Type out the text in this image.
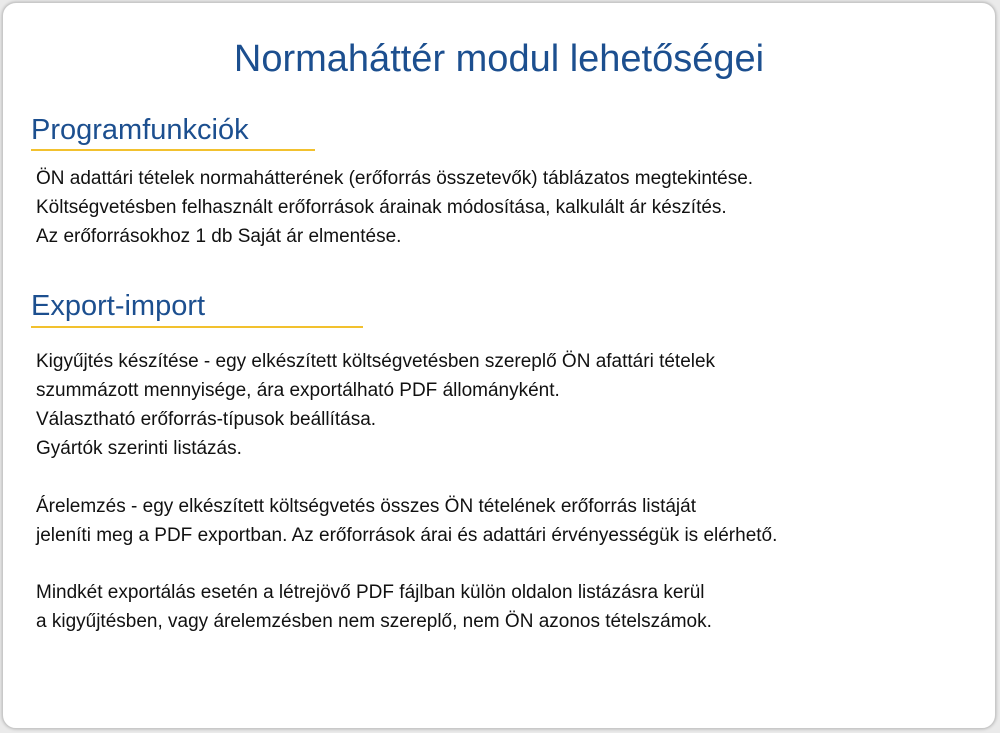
Normaháttér modul lehetőségei
Programfunkciók

ÖN adattári tételek normahátterének (erőforrás összetevők) táblázatos megtekintése.
Költségvetésben felhasznált erőforrások árainak módosítása, kalkulált ár készítés.
Az erőforrásokhoz 1 db Saját ár elmentése.

Export-import

Kigyűjtés készítése - egy elkészített költségvetésben szereplő ÖN afattári tételek
szummázott mennyisége, ára exportálható PDF állományként.
Választható erőforrás-típusok beállítása.
Gyártók szerinti listázás.

Árelemzés - egy elkészített költségvetés összes ÖN tételének erőforrás listáját
jeleníti meg a PDF exportban. Az erőforrások árai és adattári érvényességük is elérhető.

Mindkét exportálás esetén a létrejövő PDF fájlban külön oldalon listázásra kerül
a kigyűjtésben, vagy árelemzésben nem szereplő, nem ÖN azonos tételszámok.
